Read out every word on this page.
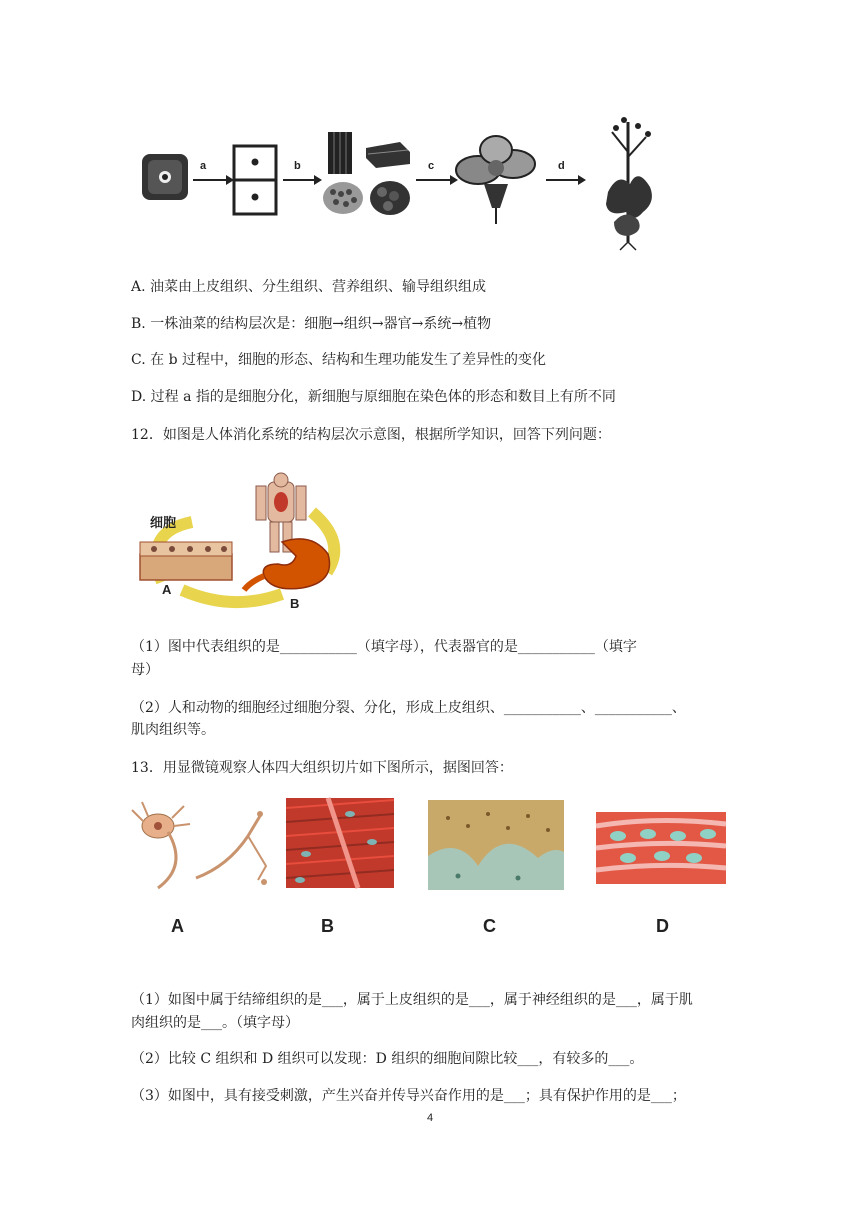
a	b	c	d
A. 油菜由上皮组织、分生组织、营养组织、输导组织组成
B. 一株油菜的结构层次是：细胞→组织→器官→系统→植物
C. 在 b 过程中，细胞的形态、结构和生理功能发生了差异性的变化
D. 过程 a 指的是细胞分化，新细胞与原细胞在染色体的形态和数目上有所不同
12．如图是人体消化系统的结构层次示意图，根据所学知识，回答下列问题：
细胞
A
B
（1）图中代表组织的是___________（填字母），代表器官的是___________（填字
母）
（2）人和动物的细胞经过细胞分裂、分化，形成上皮组织、___________、___________、
肌肉组织等。
13．用显微镜观察人体四大组织切片如下图所示，据图回答：
A	B	C	D
（1）如图中属于结缔组织的是___，属于上皮组织的是___，属于神经组织的是___，属于肌
肉组织的是___。（填字母）
（2）比较 C 组织和 D 组织可以发现：D 组织的细胞间隙比较___，有较多的___。
（3）如图中，具有接受刺激，产生兴奋并传导兴奋作用的是___；具有保护作用的是___；
4
